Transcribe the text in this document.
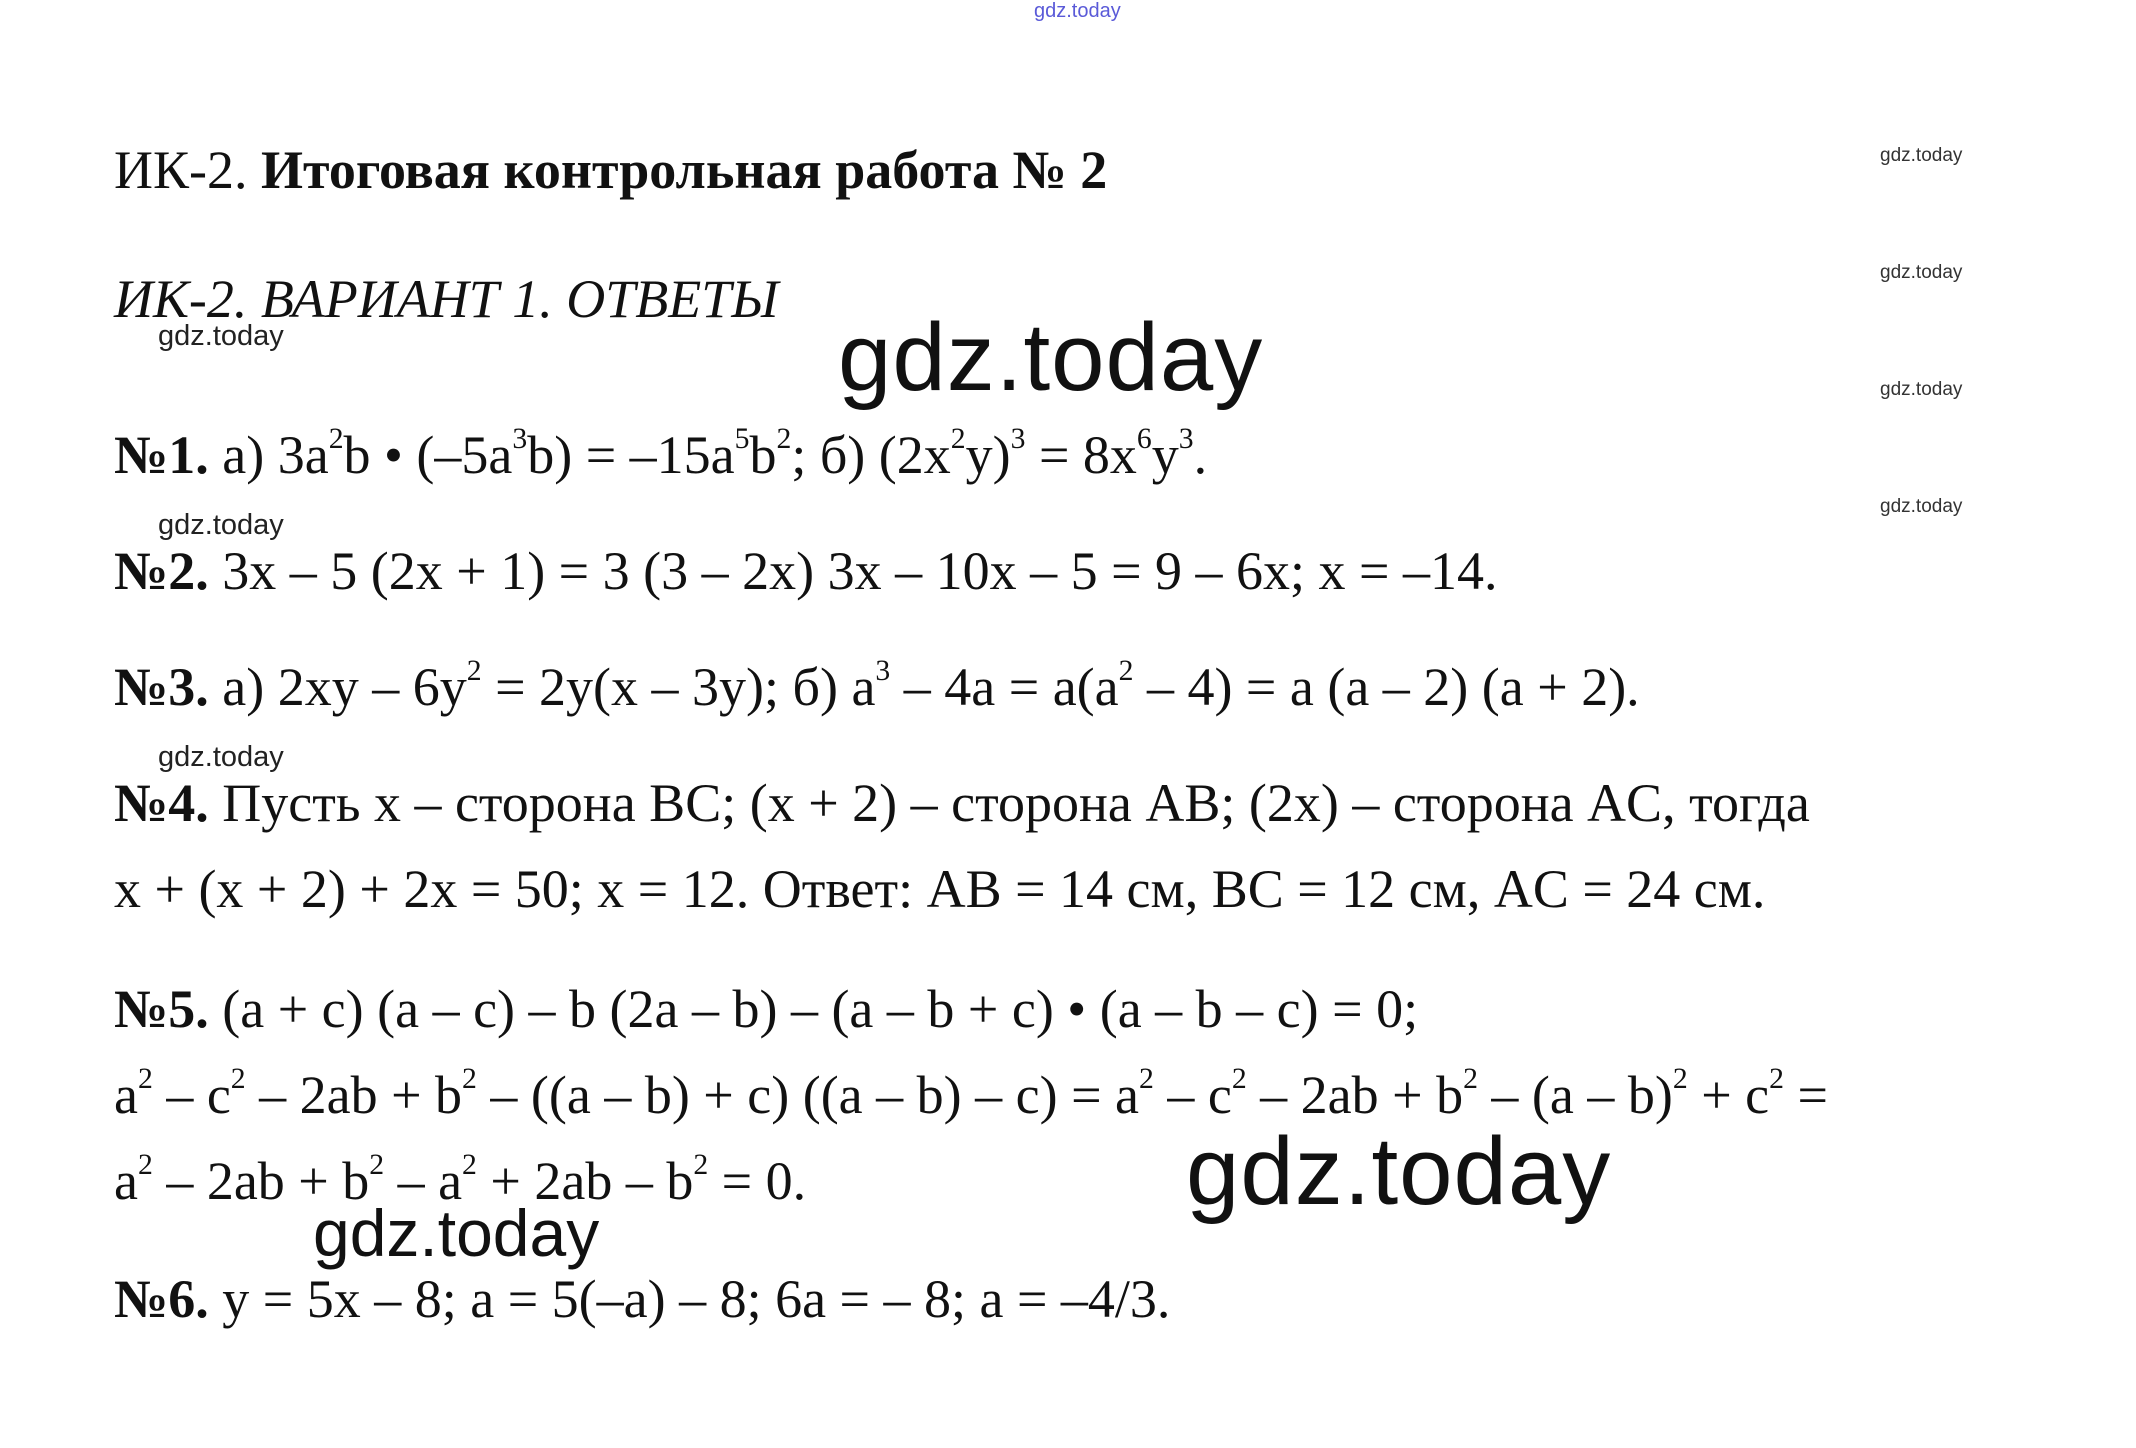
gdz.today
gdz.today
gdz.today
gdz.today
gdz.today
gdz.today
gdz.today
gdz.today
gdz.today
gdz.today
gdz.today
ИК-2. Итоговая контрольная работа № 2
ИК-2. ВАРИАНТ 1. ОТВЕТЫ
№1. а) $3a^2b$ • $(-5a^3b) = -15a^5b^2$; б) $(2x^2y)^3 = 8x^6y^3$.
№2. 3x – 5 (2x + 1) = 3 (3 – 2x) 3x – 10x – 5 = 9 – 6x; x = –14.
№3. а) $2xy - 6y^2 = 2y(x - 3y)$; б) $a^3 - 4a = a(a^2 - 4) = a$ (a – 2) (a + 2).
№4. Пусть x – сторона BC; (x + 2) – сторона AB; (2x) – сторона AC, тогда
x + (x + 2) + 2x = 50; x = 12. Ответ: AB = 14 см, BC = 12 см, AC = 24 см.
№5. (a + c) (a – c) – b (2a – b) – (a – b + c) • (a – b – c) = 0;
$a^2 - c^2 - 2ab + b^2 - ((a - b) + c)$ $((a - b) - c) = a^2 - c^2 - 2ab + b^2 - (a - b)^2 + c^2$ =
$a^2 - 2ab + b^2 - a^2 + 2ab - b^2 = 0$.
№6. y = 5x – 8; a = 5(–a) – 8; 6a = – 8; a = –4/3.
